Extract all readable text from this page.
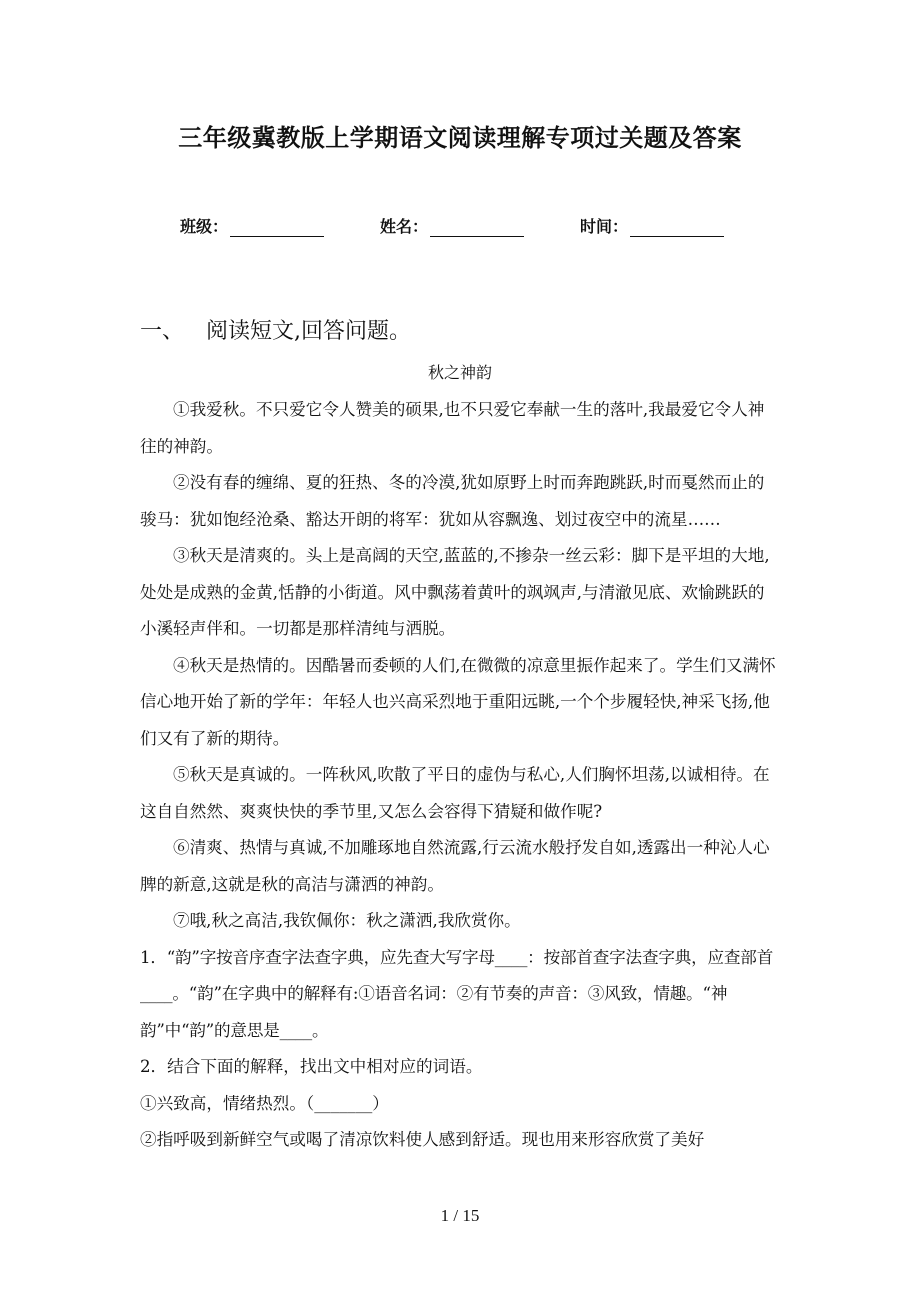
三年级冀教版上学期语文阅读理解专项过关题及答案
班级：	姓名：	时间：
一、 阅读短文,回答问题。
秋之神韵

①我爱秋。不只爱它令人赞美的硕果,也不只爱它奉献一生的落叶,我最爱它令人神往的神韵。

②没有春的缠绵、夏的狂热、冬的冷漠,犹如原野上时而奔跑跳跃,时而戛然而止的骏马：犹如饱经沧桑、豁达开朗的将军：犹如从容飘逸、划过夜空中的流星……

③秋天是清爽的。头上是高阔的天空,蓝蓝的,不掺杂一丝云彩：脚下是平坦的大地,处处是成熟的金黄,恬静的小街道。风中飘荡着黄叶的飒飒声,与清澈见底、欢愉跳跃的小溪轻声伴和。一切都是那样清纯与洒脱。

④秋天是热情的。因酷暑而委顿的人们,在微微的凉意里振作起来了。学生们又满怀信心地开始了新的学年：年轻人也兴高采烈地于重阳远眺,一个个步履轻快,神采飞扬,他们又有了新的期待。

⑤秋天是真诚的。一阵秋风,吹散了平日的虚伪与私心,人们胸怀坦荡,以诚相待。在这自自然然、爽爽快快的季节里,又怎么会容得下猜疑和做作呢?

⑥清爽、热情与真诚,不加雕琢地自然流露,行云流水般抒发自如,透露出一种沁人心脾的新意,这就是秋的高洁与潇洒的神韵。

⑦哦,秋之高洁,我钦佩你：秋之潇洒,我欣赏你。

1．“韵”字按音序查字法查字典，应先查大写字母____：按部首查字法查字典，应查部首____。“韵”在字典中的解释有:①语音名词：②有节奏的声音：③风致，情趣。“神韵”中“韵”的意思是____。

2．结合下面的解释，找出文中相对应的词语。

①兴致高，情绪热烈。（_______）

②指呼吸到新鲜空气或喝了清凉饮料使人感到舒适。现也用来形容欣赏了美好

1 / 15
